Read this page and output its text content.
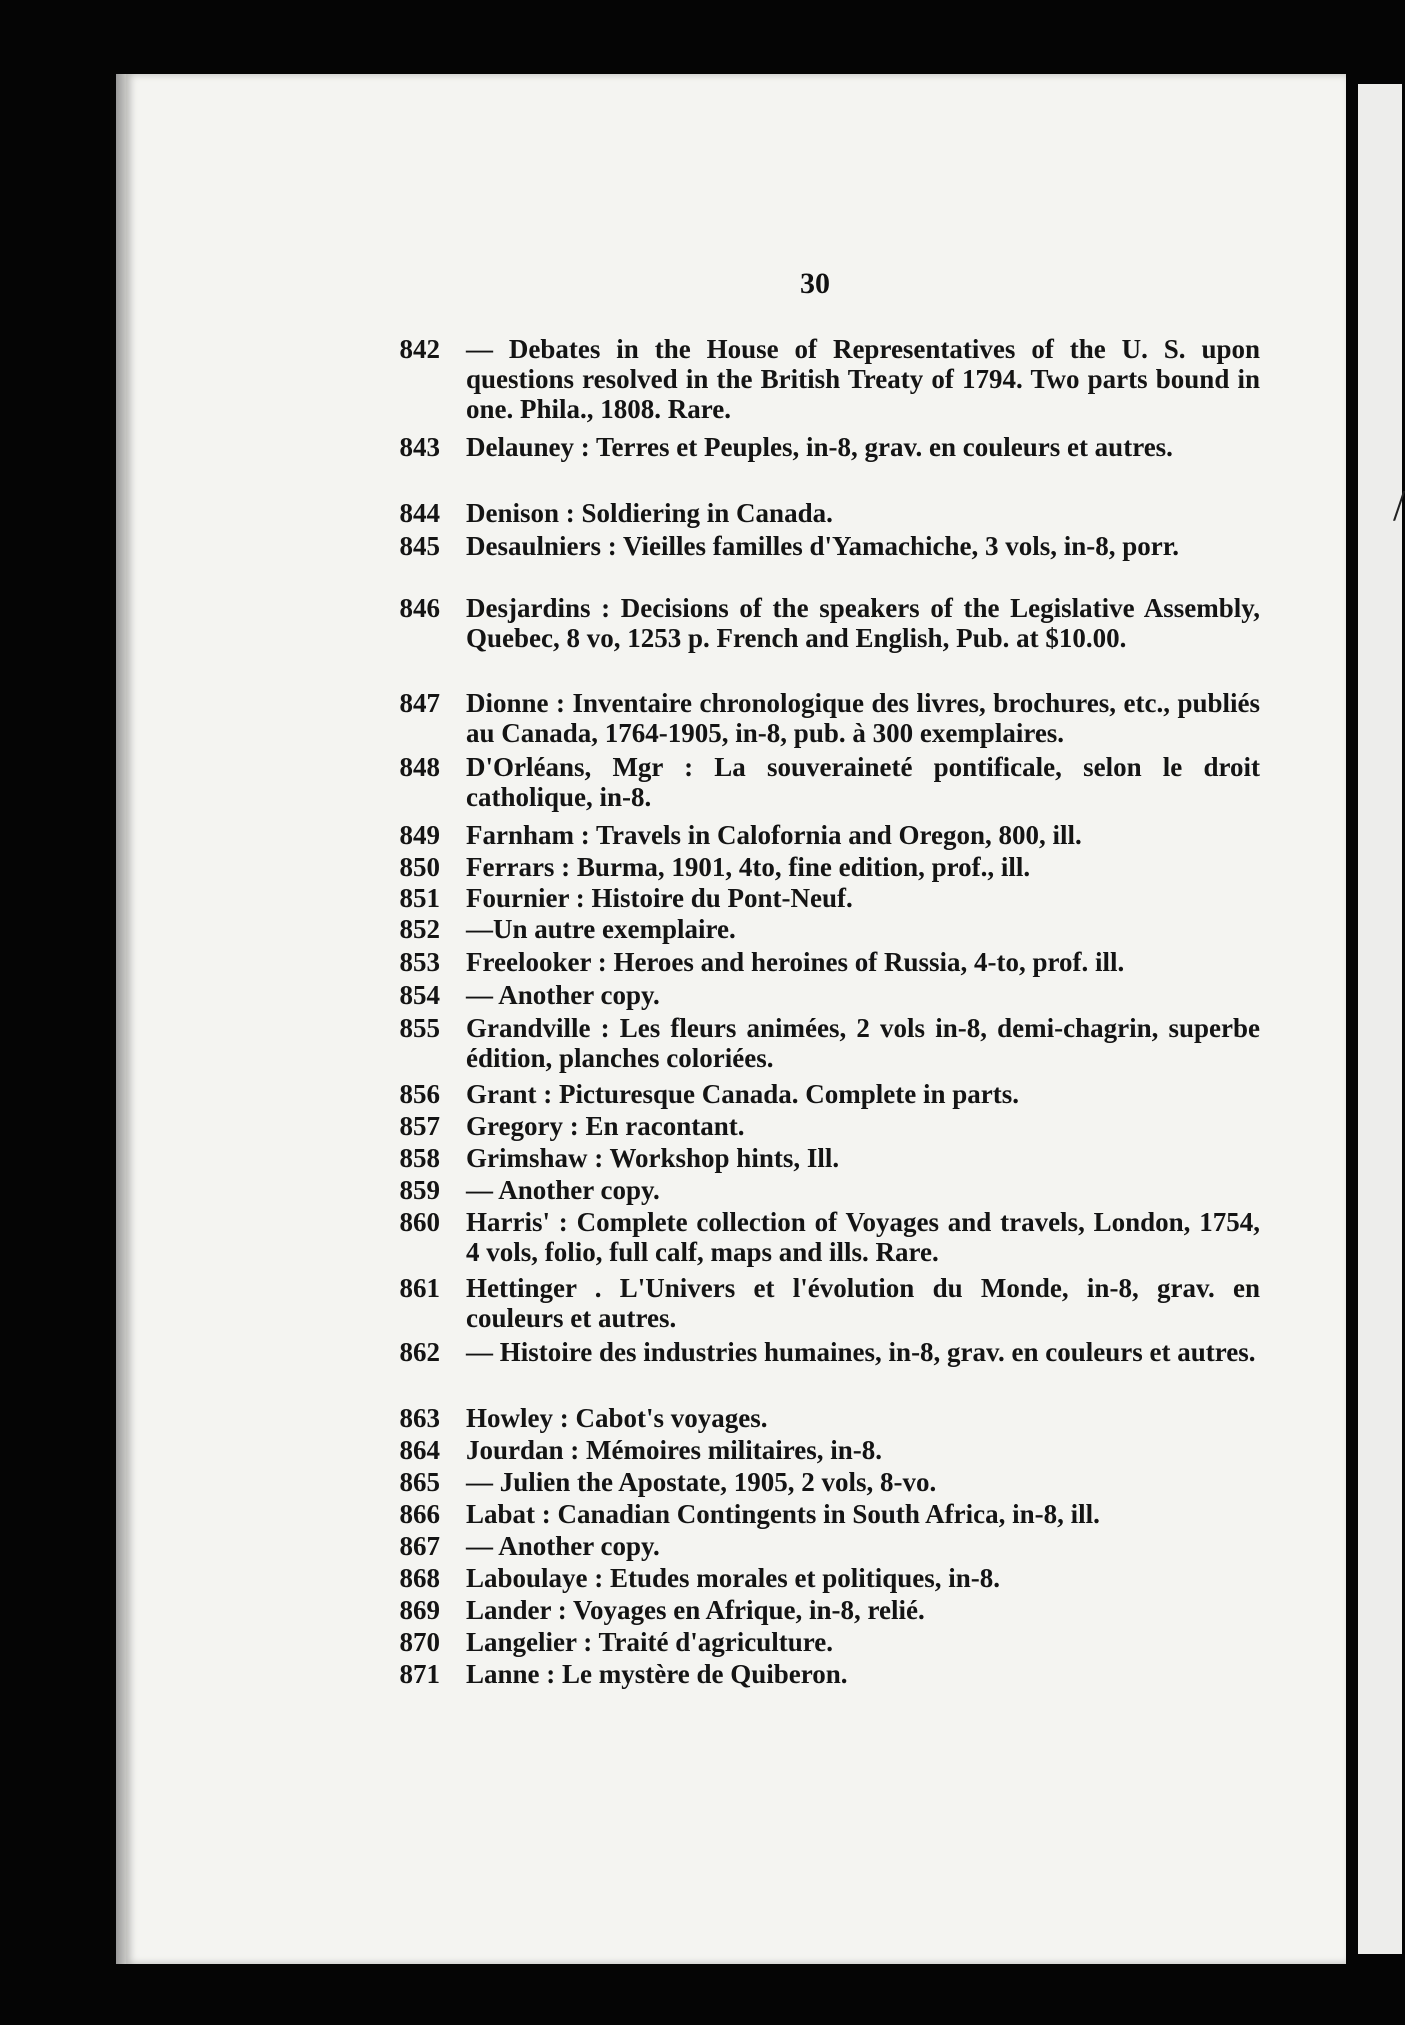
/
30
842 — Debates in the House of Representatives of the U. S. upon questions resolved in the British Treaty of 1794. Two parts bound in one. Phila., 1808. Rare.
843 Delauney : Terres et Peuples, in-8, grav. en couleurs et autres.
844 Denison : Soldiering in Canada.
845 Desaulniers : Vieilles familles d'Yamachiche, 3 vols, in-8, porr.
846 Desjardins : Decisions of the speakers of the Legislative Assembly, Quebec, 8 vo, 1253 p. French and English, Pub. at $10.00.
847 Dionne : Inventaire chronologique des livres, brochures, etc., publiés au Canada, 1764-1905, in-8, pub. à 300 exemplaires.
848 D'Orléans, Mgr : La souveraineté pontificale, selon le droit catholique, in-8.
849 Farnham : Travels in Calofornia and Oregon, 800, ill.
850 Ferrars : Burma, 1901, 4to, fine edition, prof., ill.
851 Fournier : Histoire du Pont-Neuf.
852 —Un autre exemplaire.
853 Freelooker : Heroes and heroines of Russia, 4-to, prof. ill.
854 — Another copy.
855 Grandville : Les fleurs animées, 2 vols in-8, demi-chagrin, superbe édition, planches coloriées.
856 Grant : Picturesque Canada. Complete in parts.
857 Gregory : En racontant.
858 Grimshaw : Workshop hints, Ill.
859 — Another copy.
860 Harris' : Complete collection of Voyages and travels, London, 1754, 4 vols, folio, full calf, maps and ills. Rare.
861 Hettinger . L'Univers et l'évolution du Monde, in-8, grav. en couleurs et autres.
862 — Histoire des industries humaines, in-8, grav. en couleurs et autres.
863 Howley : Cabot's voyages.
864 Jourdan : Mémoires militaires, in-8.
865 — Julien the Apostate, 1905, 2 vols, 8-vo.
866 Labat : Canadian Contingents in South Africa, in-8, ill.
867 — Another copy.
868 Laboulaye : Etudes morales et politiques, in-8.
869 Lander : Voyages en Afrique, in-8, relié.
870 Langelier : Traité d'agriculture.
871 Lanne : Le mystère de Quiberon.
